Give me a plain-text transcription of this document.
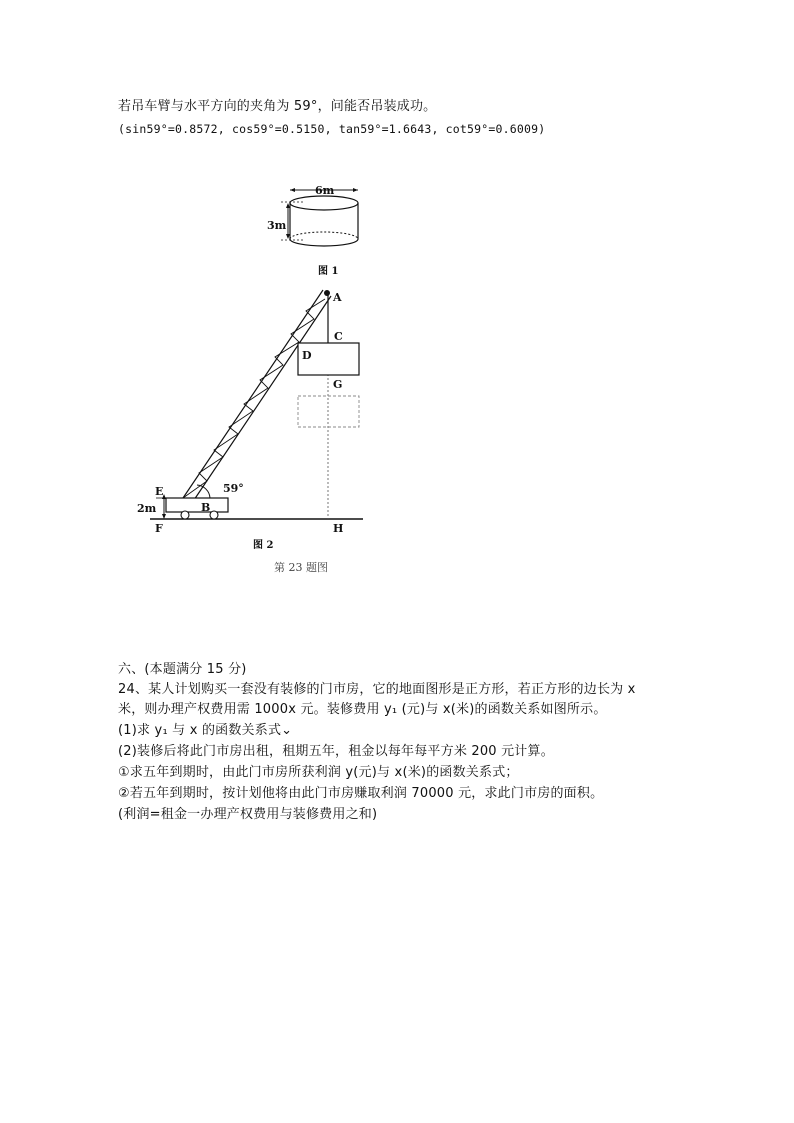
若吊车臂与水平方向的夹角为 59°，问能否吊装成功。
(sin59°=0.8572, cos59°=0.5150, tan59°=1.6643, cot59°=0.6009)
6m
3m
图 1
A
C
D
G
59°
E
2m	B
F	H
图 2
第 23 题图
六、(本题满分 15 分)
24、某人计划购买一套没有装修的门市房，它的地面图形是正方形，若正方形的边长为 x
米，则办理产权费用需 1000x 元。装修费用 y₁ (元)与 x(米)的函数关系如图所示。
(1)求 y₁ 与 x 的函数关系式⌄
(2)装修后将此门市房出租，租期五年，租金以每年每平方米 200 元计算。
①求五年到期时，由此门市房所获利润 y(元)与 x(米)的函数关系式；
②若五年到期时，按计划他将由此门市房赚取利润 70000 元，求此门市房的面积。
(利润=租金一办理产权费用与装修费用之和)
